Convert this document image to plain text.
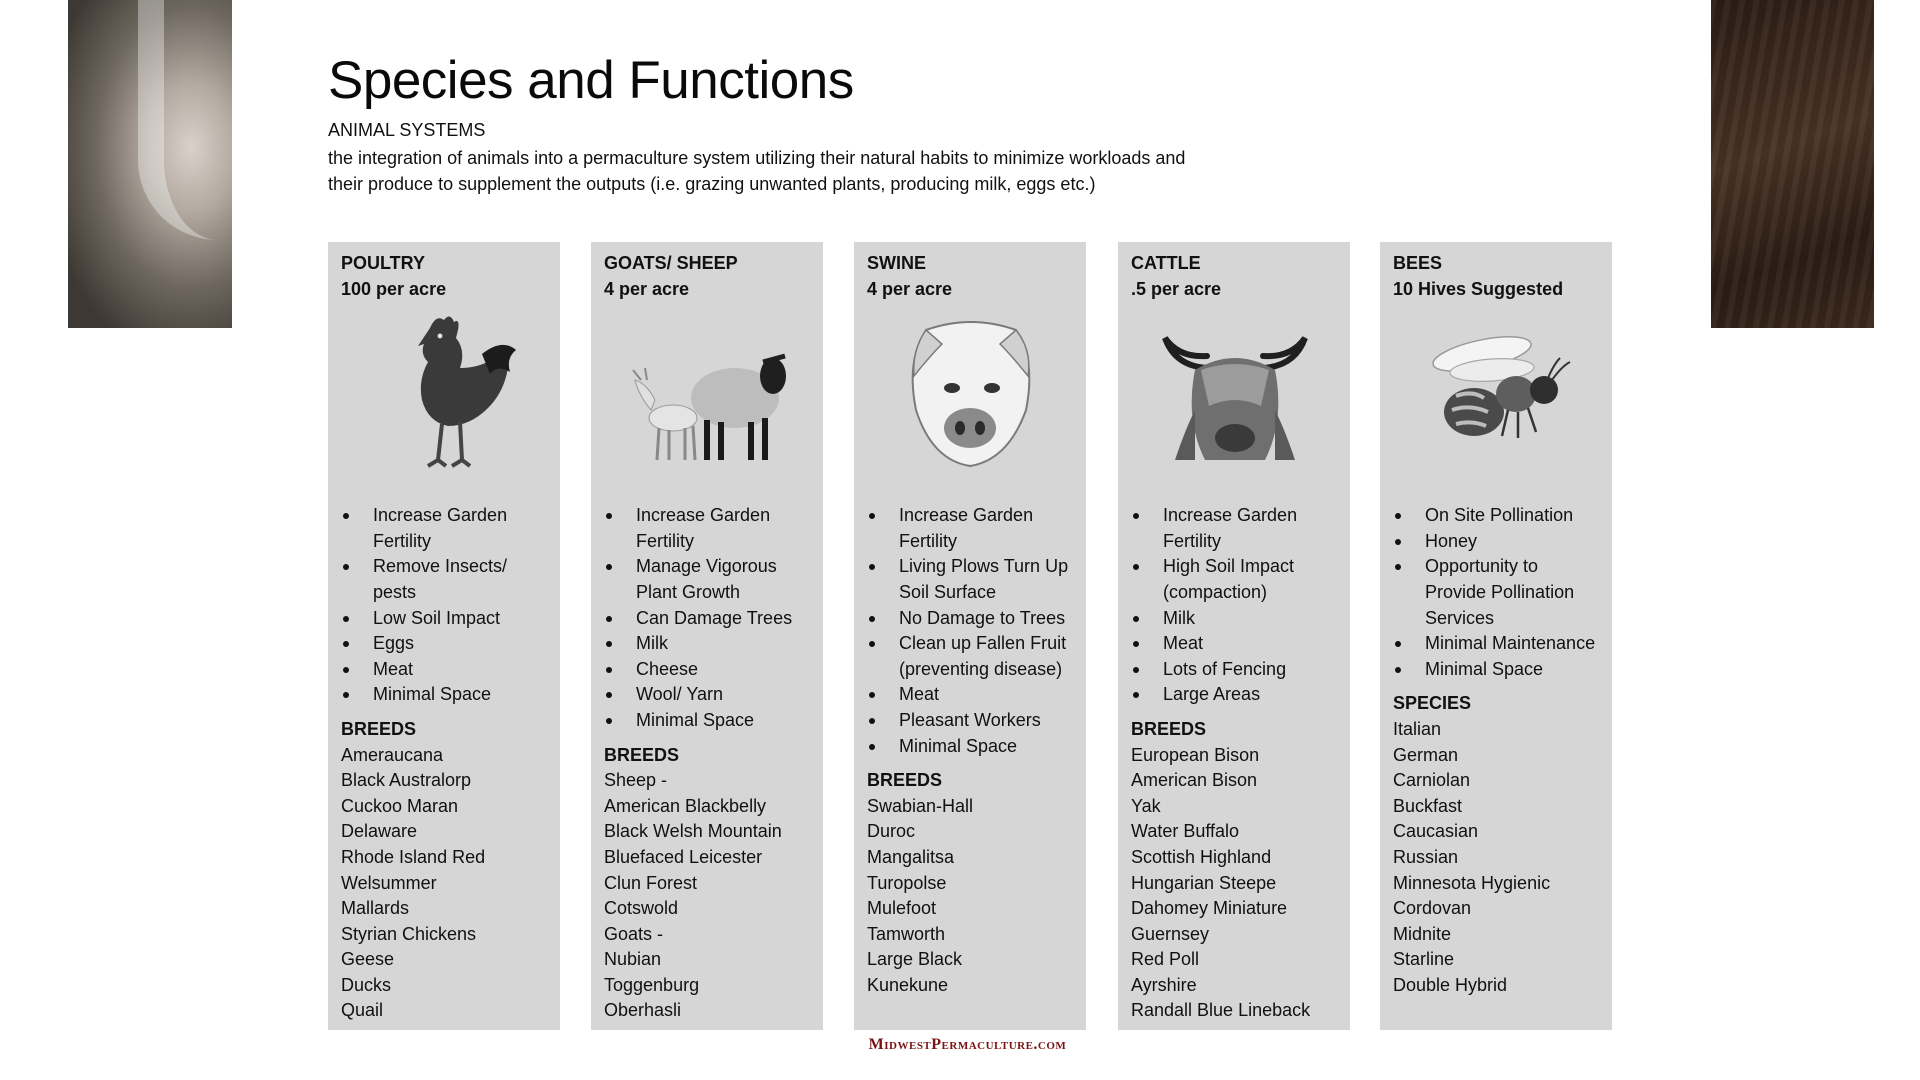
Species and Functions
ANIMAL SYSTEMS
the integration of animals into a permaculture system utilizing their natural habits to minimize workloads and their produce to supplement the outputs (i.e. grazing unwanted plants, producing milk, eggs etc.)
POULTRY
100 per acre
Increase Garden Fertility
Remove Insects/ pests
Low Soil Impact
Eggs
Meat
Minimal Space
BREEDS
Ameraucana
Black Australorp
Cuckoo Maran
Delaware
Rhode Island Red
Welsummer
Mallards
Styrian Chickens
Geese
Ducks
Quail
GOATS/ SHEEP
4 per acre
Increase Garden Fertility
Manage Vigorous Plant Growth
Can Damage Trees
Milk
Cheese
Wool/ Yarn
Minimal Space
BREEDS
Sheep -
American Blackbelly
Black Welsh Mountain
Bluefaced Leicester
Clun Forest
Cotswold
Goats -
Nubian
Toggenburg
Oberhasli
SWINE
4 per acre
Increase Garden Fertility
Living Plows Turn Up Soil Surface
No Damage to Trees
Clean up Fallen Fruit (preventing disease)
Meat
Pleasant Workers
Minimal Space
BREEDS
Swabian-Hall
Duroc
Mangalitsa
Turopolse
Mulefoot
Tamworth
Large Black
Kunekune
CATTLE
.5 per acre
Increase Garden Fertility
High Soil Impact (compaction)
Milk
Meat
Lots of Fencing
Large Areas
BREEDS
European Bison
American Bison
Yak
Water Buffalo
Scottish Highland
Hungarian Steepe
Dahomey Miniature
Guernsey
Red Poll
Ayrshire
Randall Blue Lineback
BEES
10 Hives Suggested
On Site Pollination
Honey
Opportunity to Provide Pollination Services
Minimal Maintenance
Minimal Space
SPECIES
Italian
German
Carniolan
Buckfast
Caucasian
Russian
Minnesota Hygienic
Cordovan
Midnite
Starline
Double Hybrid
MidwestPermaculture.com
